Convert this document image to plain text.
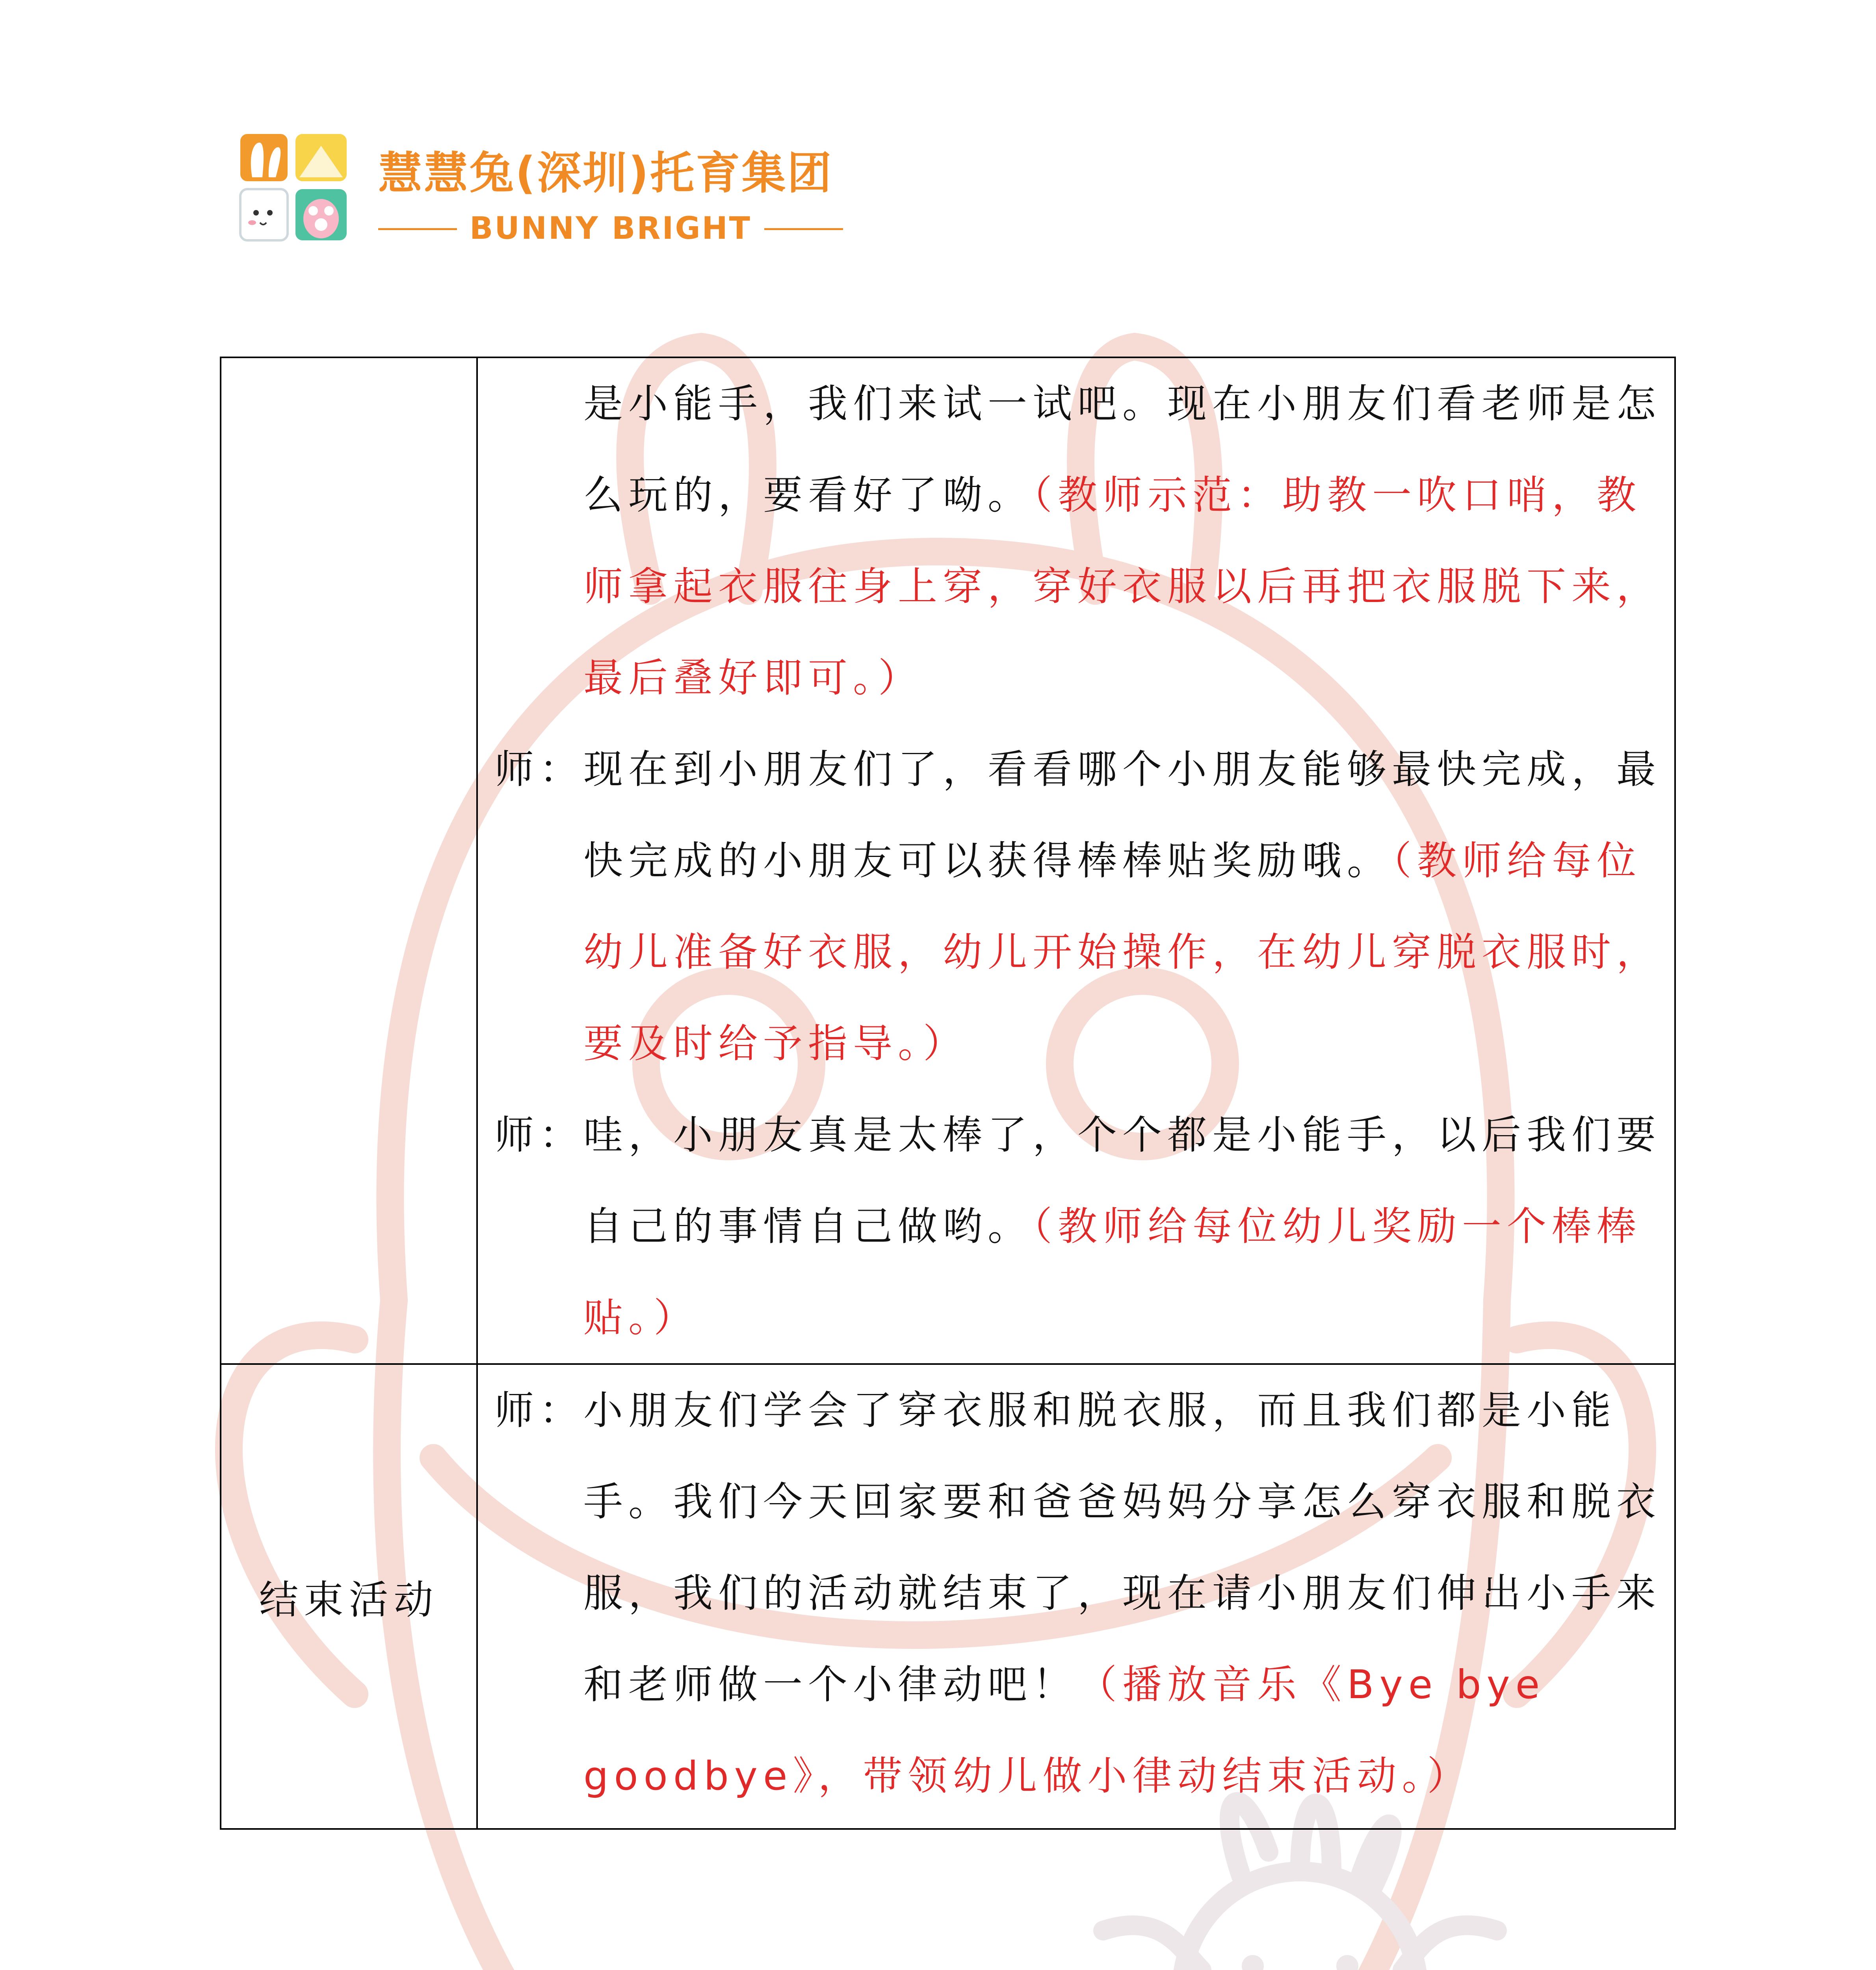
慧慧兔(深圳)托育集团
BUNNY BRIGHT
是小能手，我们来试一试吧。现在小朋友们看老师是怎么玩的，要看好了呦。（教师示范：助教一吹口哨，教师拿起衣服往身上穿，穿好衣服以后再把衣服脱下来，最后叠好即可。）
师：
现在到小朋友们了，看看哪个小朋友能够最快完成，最快完成的小朋友可以获得棒棒贴奖励哦。（教师给每位幼儿准备好衣服，幼儿开始操作，在幼儿穿脱衣服时，要及时给予指导。）
师：
哇，小朋友真是太棒了，个个都是小能手，以后我们要自己的事情自己做哟。（教师给每位幼儿奖励一个棒棒贴。）
结束活动
师：
小朋友们学会了穿衣服和脱衣服，而且我们都是小能手。我们今天回家要和爸爸妈妈分享怎么穿衣服和脱衣服，我们的活动就结束了，现在请小朋友们伸出小手来和老师做一个小律动吧！（播放音乐《Bye bye goodbye》，带领幼儿做小律动结束活动。）
